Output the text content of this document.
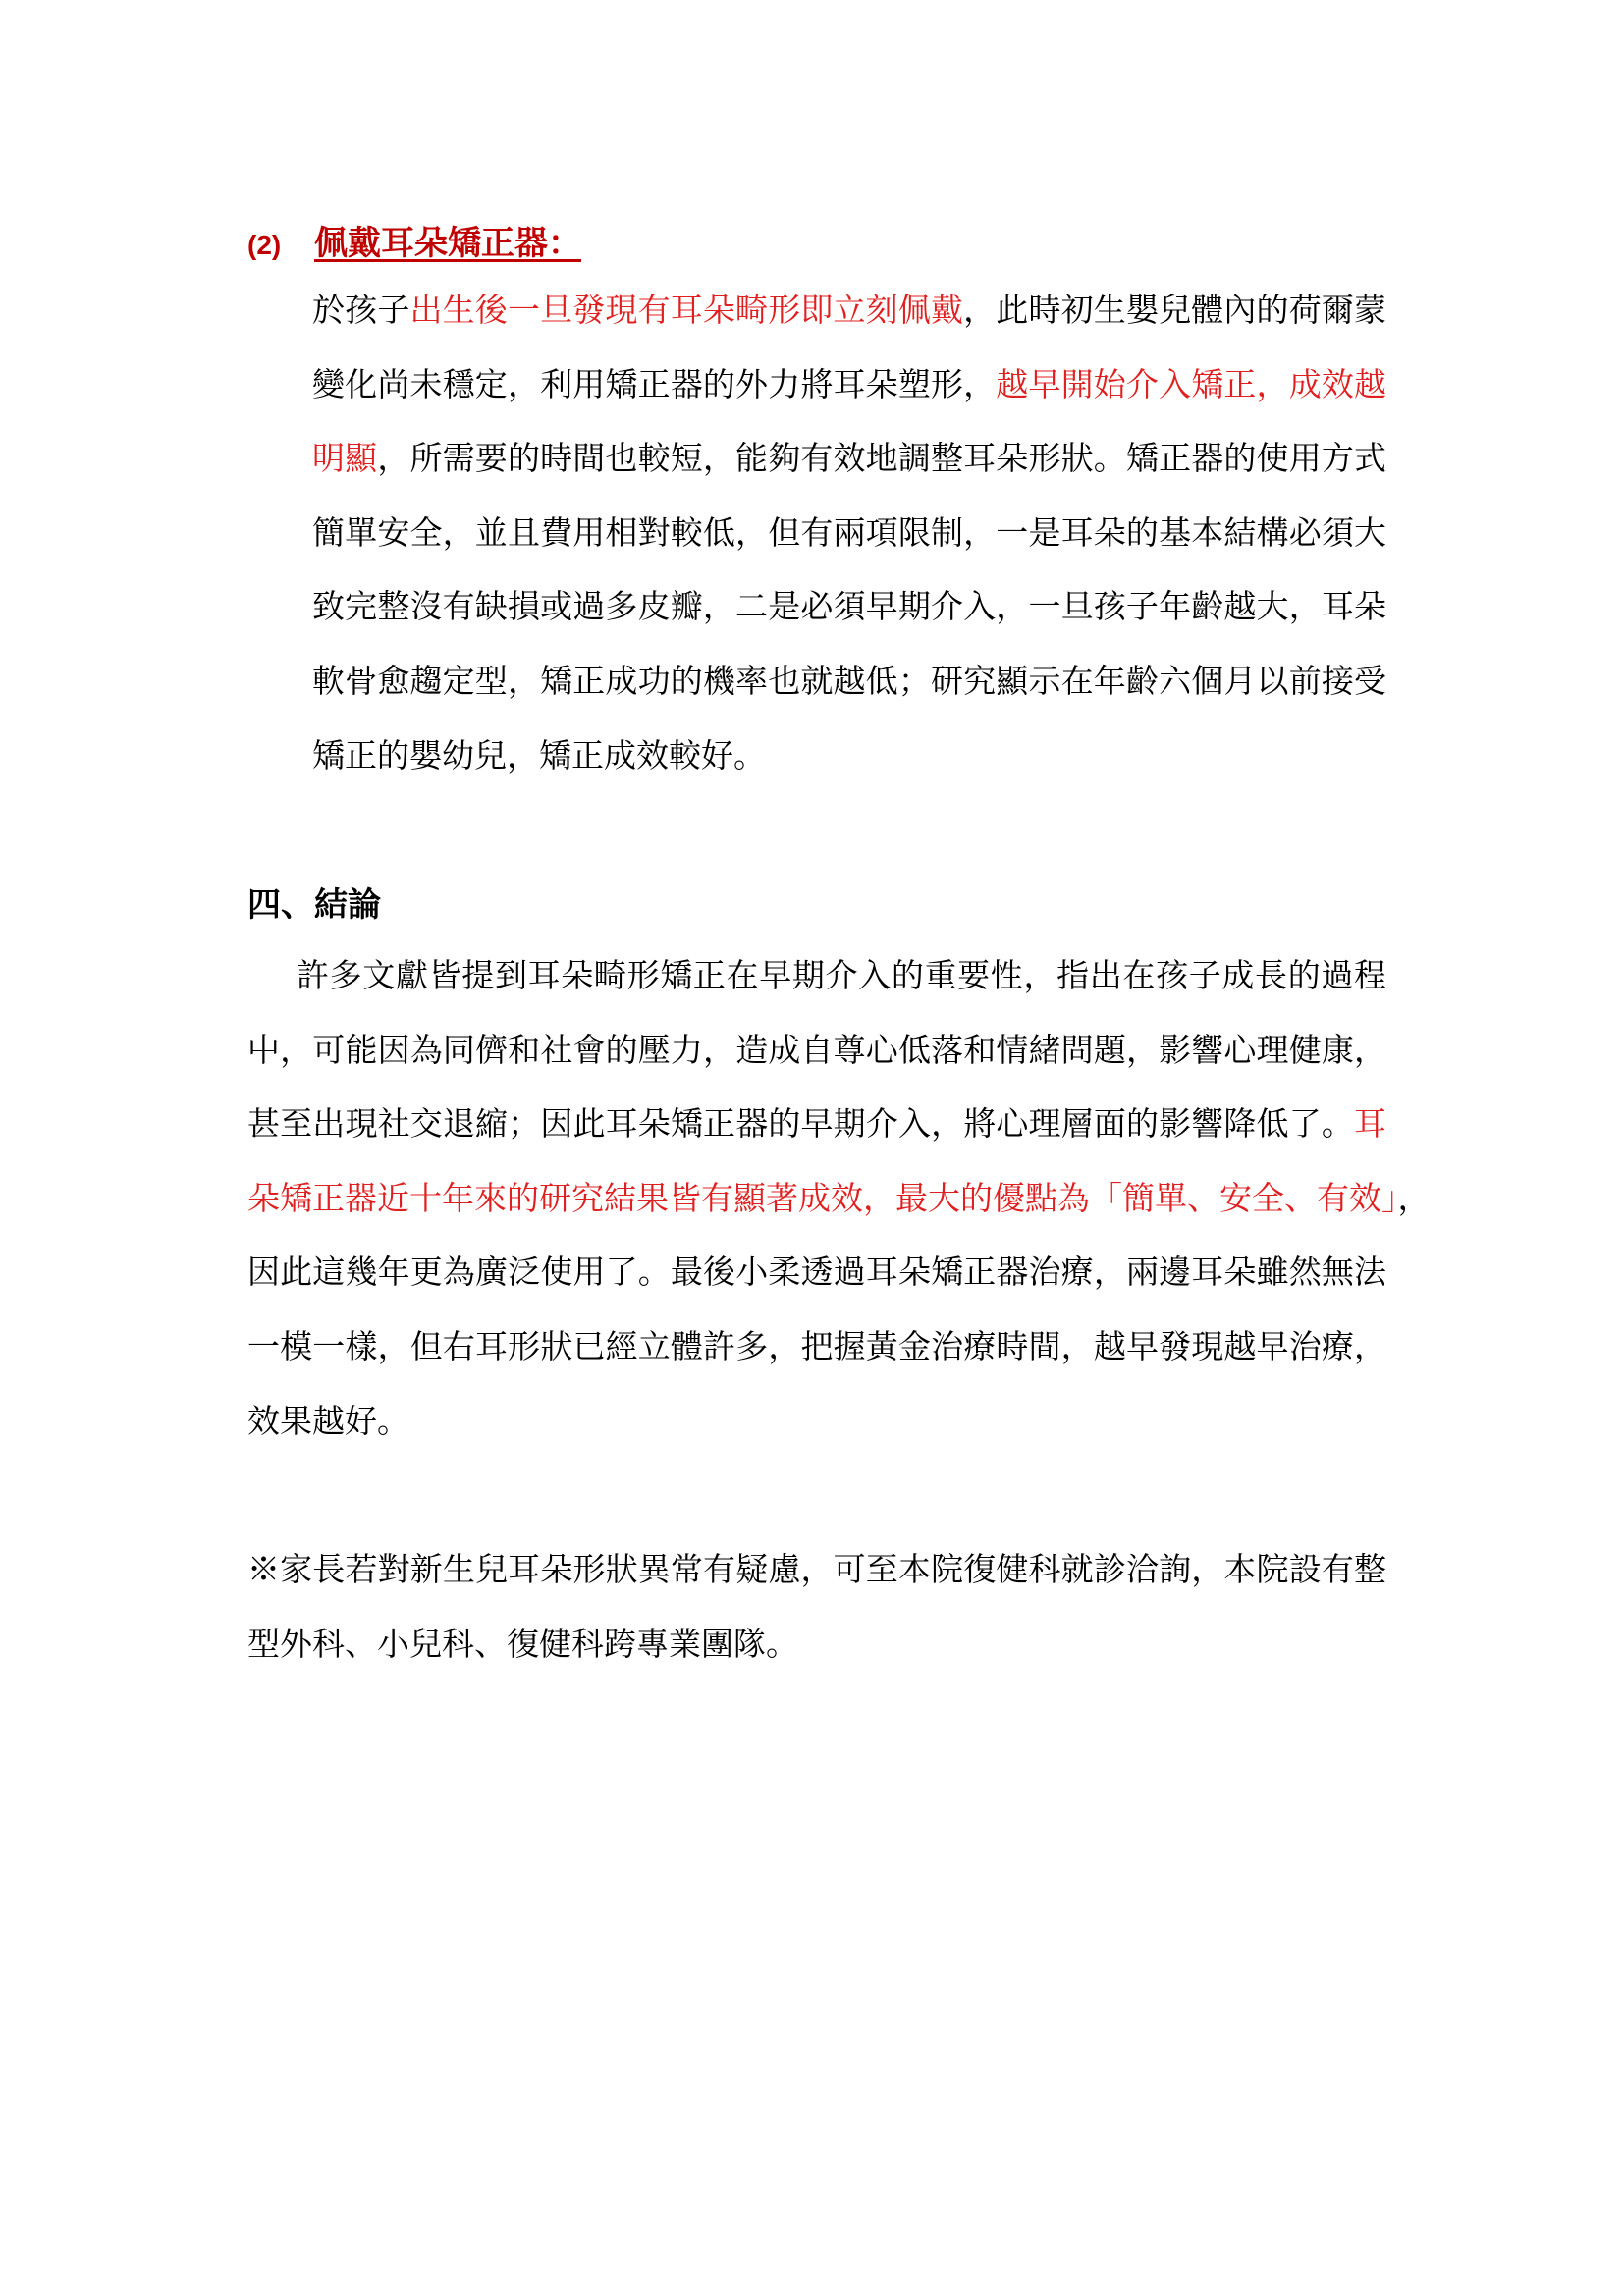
(2) 佩戴耳朵矯正器：
於孩子出生後一旦發現有耳朵畸形即立刻佩戴，此時初生嬰兒體內的荷爾蒙
變化尚未穩定，利用矯正器的外力將耳朵塑形，越早開始介入矯正，成效越
明顯，所需要的時間也較短，能夠有效地調整耳朵形狀。矯正器的使用方式
簡單安全，並且費用相對較低，但有兩項限制，一是耳朵的基本結構必須大
致完整沒有缺損或過多皮瓣，二是必須早期介入，一旦孩子年齡越大，耳朵
軟骨愈趨定型，矯正成功的機率也就越低；研究顯示在年齡六個月以前接受
矯正的嬰幼兒，矯正成效較好。
四、結論
許多文獻皆提到耳朵畸形矯正在早期介入的重要性，指出在孩子成長的過程
中，可能因為同儕和社會的壓力，造成自尊心低落和情緒問題，影響心理健康，
甚至出現社交退縮；因此耳朵矯正器的早期介入，將心理層面的影響降低了。耳
朵矯正器近十年來的研究結果皆有顯著成效，最大的優點為「簡單、安全、有效」，
因此這幾年更為廣泛使用了。最後小柔透過耳朵矯正器治療，兩邊耳朵雖然無法
一模一樣，但右耳形狀已經立體許多，把握黃金治療時間，越早發現越早治療，
效果越好。
※家長若對新生兒耳朵形狀異常有疑慮，可至本院復健科就診洽詢，本院設有整
型外科、小兒科、復健科跨專業團隊。
